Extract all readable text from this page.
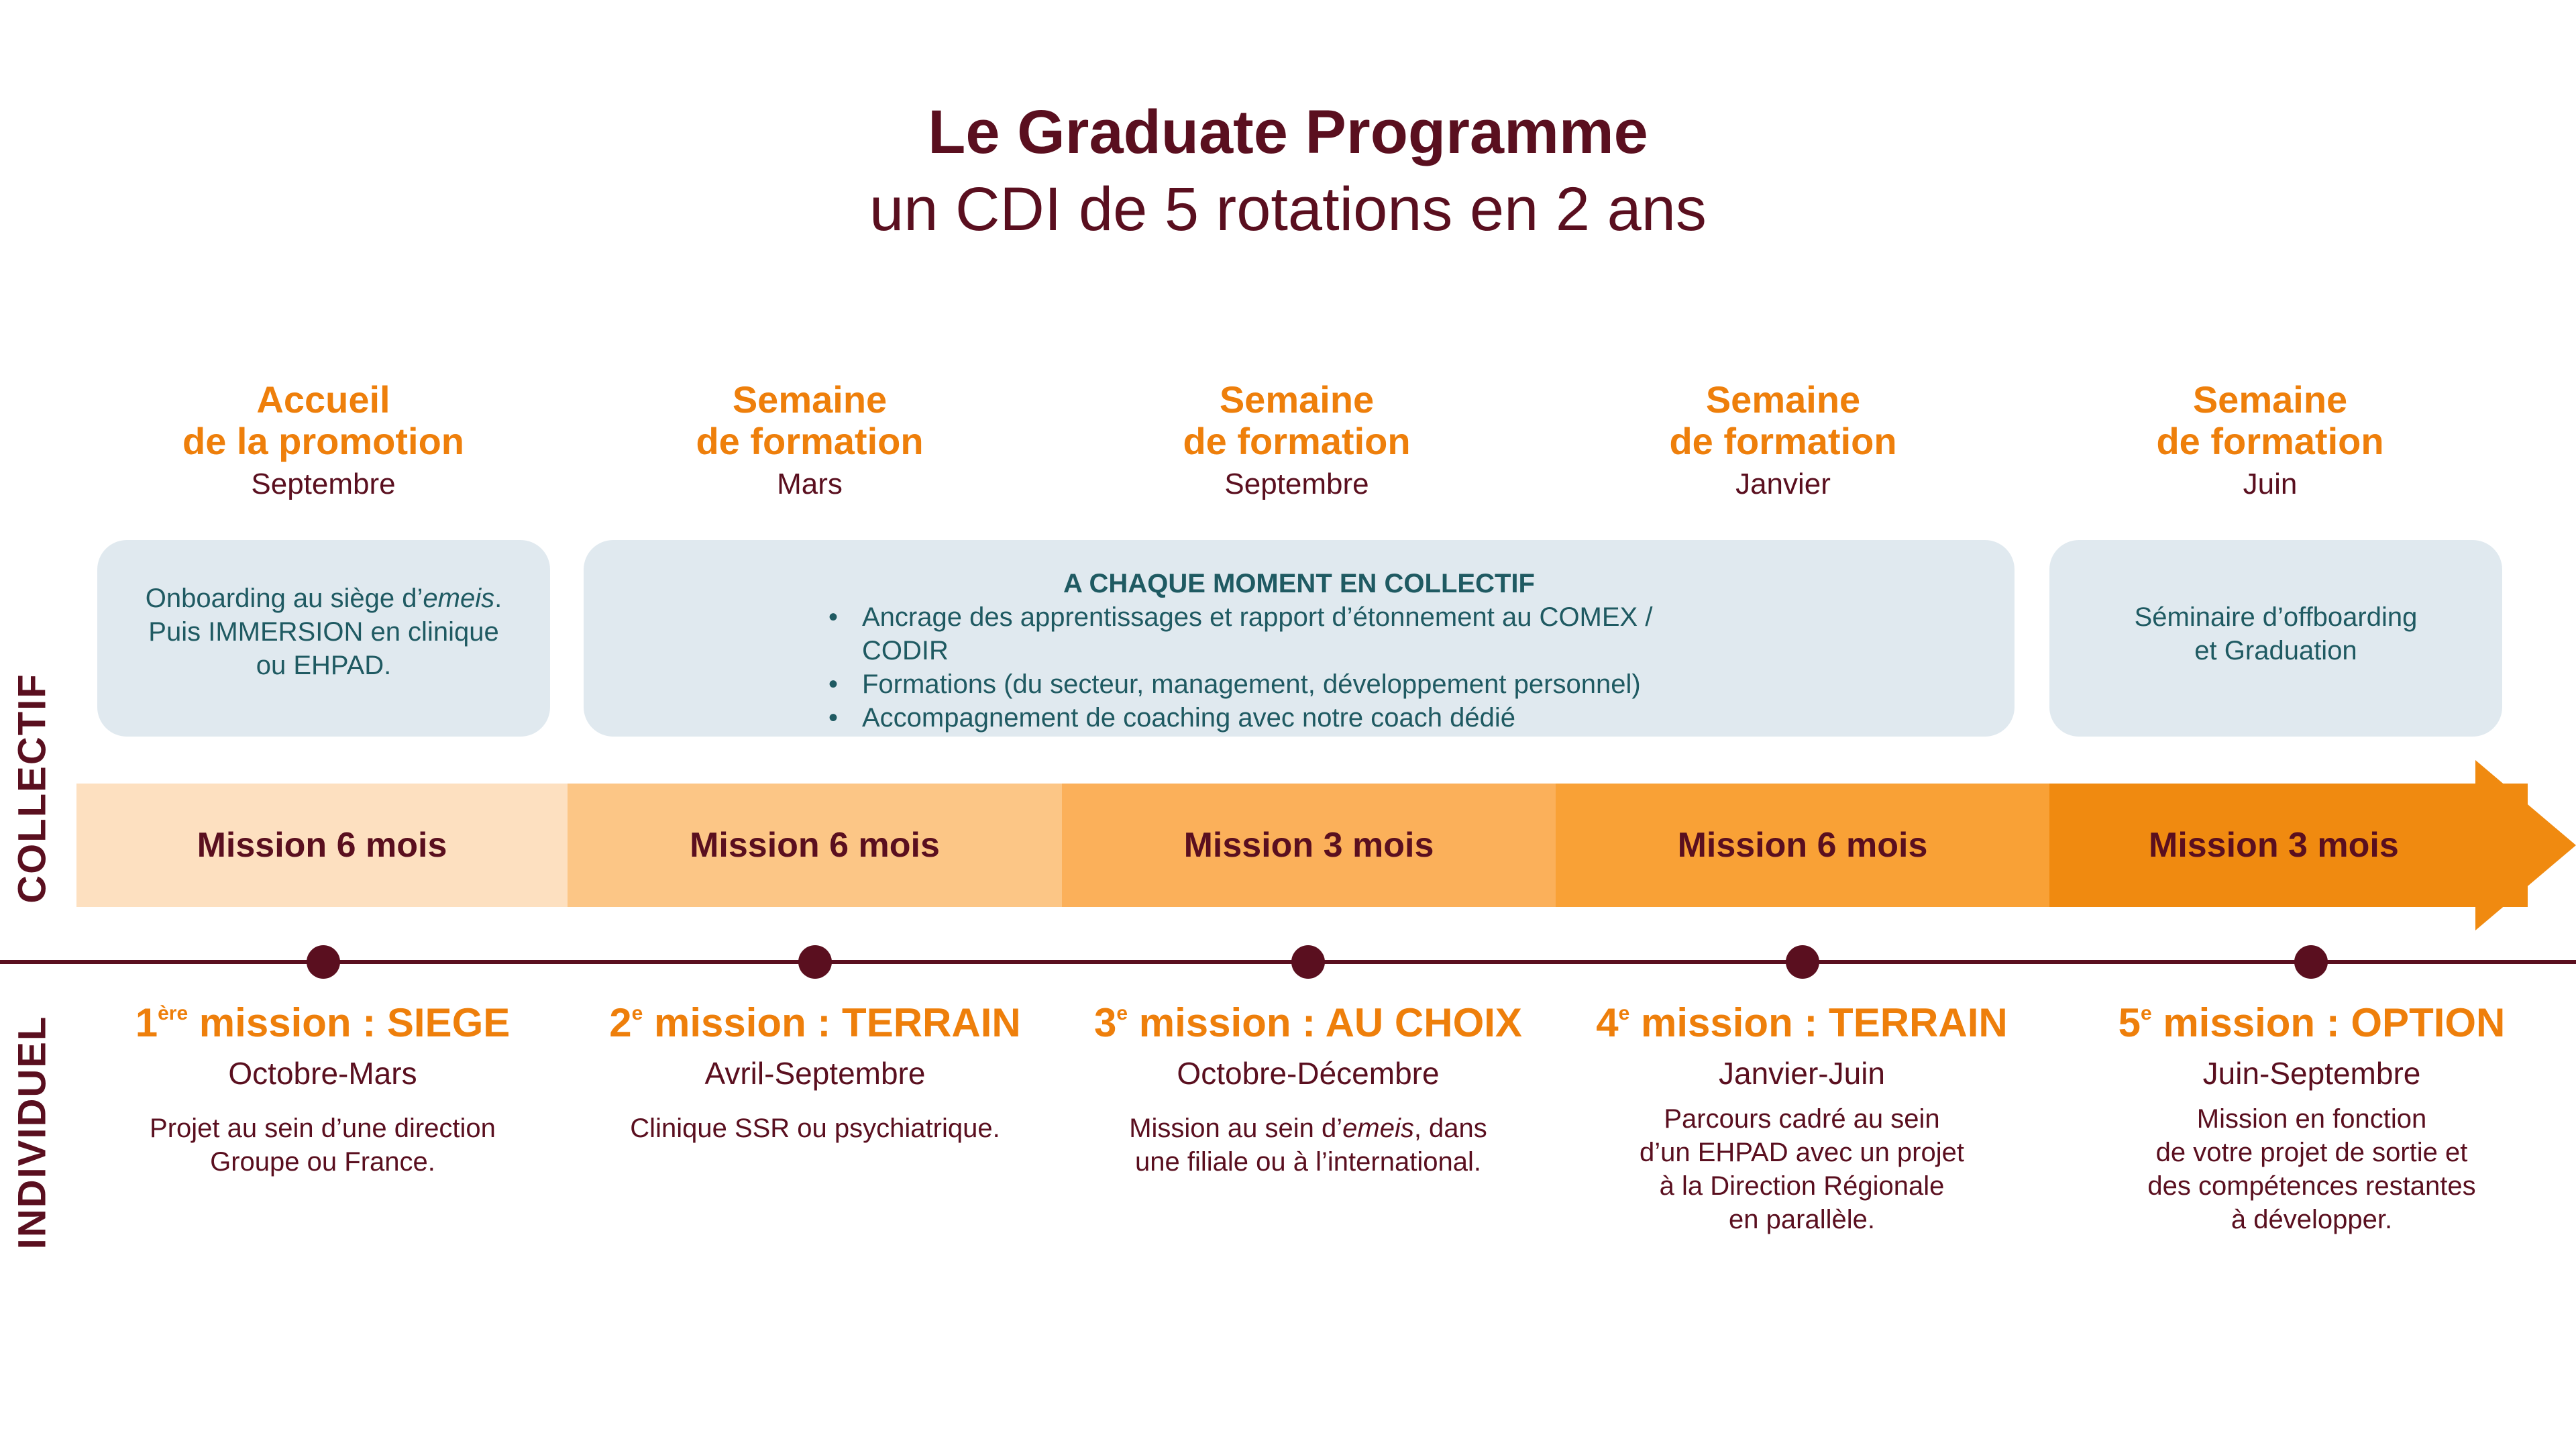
Le Graduate Programme
un CDI de 5 rotations en 2 ans
Accueil
de la promotion
Septembre
Semaine
de formation
Mars
Semaine
de formation
Septembre
Semaine
de formation
Janvier
Semaine
de formation
Juin
Onboarding au siège d’emeis.
Puis IMMERSION en clinique
ou EHPAD.
A CHAQUE MOMENT EN COLLECTIF
• Ancrage des apprentissages et rapport d’étonnement au COMEX / CODIR
• Formations (du secteur, management, développement personnel)
• Accompagnement de coaching avec notre coach dédié
Séminaire d’offboarding
et Graduation
COLLECTIF
INDIVIDUEL
Mission 6 mois	Mission 6 mois	Mission 3 mois	Mission 6 mois	Mission 3 mois
1ère mission : SIEGE
Octobre-Mars
Projet au sein d’une direction
Groupe ou France.
2e mission : TERRAIN
Avril-Septembre
Clinique SSR ou psychiatrique.
3e mission : AU CHOIX
Octobre-Décembre
Mission au sein d’emeis, dans
une filiale ou à l’international.
4e mission : TERRAIN
Janvier-Juin
Parcours cadré au sein
d’un EHPAD avec un projet
à la Direction Régionale
en parallèle.
5e mission : OPTION
Juin-Septembre
Mission en fonction
de votre projet de sortie et
des compétences restantes
à développer.
